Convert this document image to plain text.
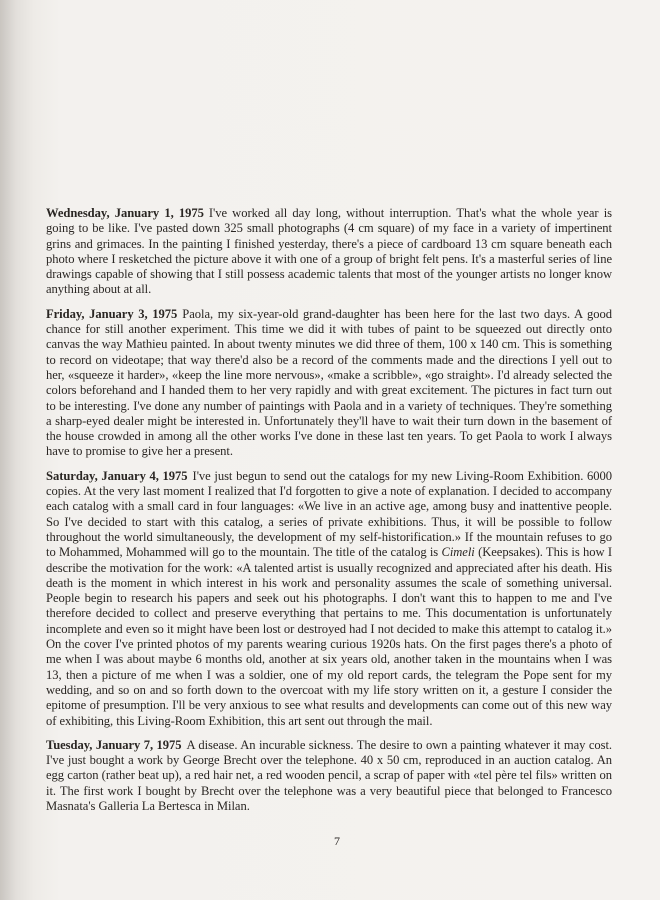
Wednesday, January 1, 1975 I've worked all day long, without interruption. That's what the whole year is going to be like. I've pasted down 325 small photographs (4 cm square) of my face in a variety of impertinent grins and grimaces. In the painting I finished yesterday, there's a piece of cardboard 13 cm square beneath each photo where I resketched the picture above it with one of a group of bright felt pens. It's a masterful series of line drawings capable of showing that I still possess academic talents that most of the younger artists no longer know anything about at all.

Friday, January 3, 1975 Paola, my six-year-old grand-daughter has been here for the last two days. A good chance for still another experiment. This time we did it with tubes of paint to be squeezed out directly onto canvas the way Mathieu painted. In about twenty minutes we did three of them, 100 x 140 cm. This is something to record on videotape; that way there'd also be a record of the comments made and the directions I yell out to her, «squeeze it harder», «keep the line more nervous», «make a scribble», «go straight». I'd already selected the colors beforehand and I handed them to her very rapidly and with great excitement. The pictures in fact turn out to be interesting. I've done any number of paintings with Paola and in a variety of techniques. They're something a sharp-eyed dealer might be interested in. Unfortunately they'll have to wait their turn down in the basement of the house crowded in among all the other works I've done in these last ten years. To get Paola to work I always have to promise to give her a present.

Saturday, January 4, 1975 I've just begun to send out the catalogs for my new Living-Room Exhibition. 6000 copies. At the very last moment I realized that I'd forgotten to give a note of explanation. I decided to accompany each catalog with a small card in four languages: «We live in an active age, among busy and inattentive people. So I've decided to start with this catalog, a series of private exhibitions. Thus, it will be possible to follow throughout the world simultaneously, the development of my self-historification.» If the mountain refuses to go to Mohammed, Mohammed will go to the mountain. The title of the catalog is Cimeli (Keepsakes). This is how I describe the motivation for the work: «A talented artist is usually recognized and appreciated after his death. His death is the moment in which interest in his work and personality assumes the scale of something universal. People begin to research his papers and seek out his photographs. I don't want this to happen to me and I've therefore decided to collect and preserve everything that pertains to me. This documentation is unfortunately incomplete and even so it might have been lost or destroyed had I not decided to make this attempt to catalog it.» On the cover I've printed photos of my parents wearing curious 1920s hats. On the first pages there's a photo of me when I was about maybe 6 months old, another at six years old, another taken in the mountains when I was 13, then a picture of me when I was a soldier, one of my old report cards, the telegram the Pope sent for my wedding, and so on and so forth down to the overcoat with my life story written on it, a gesture I consider the epitome of presumption. I'll be very anxious to see what results and developments can come out of this new way of exhibiting, this Living-Room Exhibition, this art sent out through the mail.

Tuesday, January 7, 1975 A disease. An incurable sickness. The desire to own a painting whatever it may cost. I've just bought a work by George Brecht over the telephone. 40 x 50 cm, reproduced in an auction catalog. An egg carton (rather beat up), a red hair net, a red wooden pencil, a scrap of paper with «tel père tel fils» written on it. The first work I bought by Brecht over the telephone was a very beautiful piece that belonged to Francesco Masnata's Galleria La Bertesca in Milan.

7
